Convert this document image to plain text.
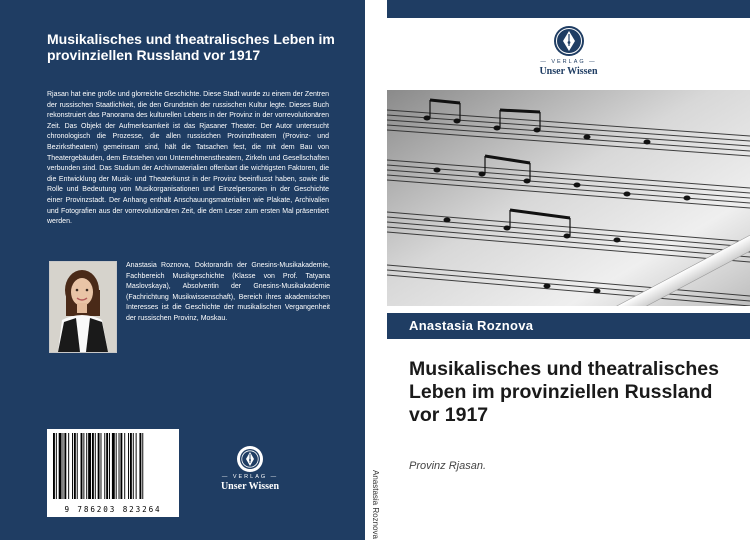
Musikalisches und theatralisches Leben im provinziellen Russland vor 1917
Rjasan hat eine große und glorreiche Geschichte. Diese Stadt wurde zu einem der Zentren der russischen Staatlichkeit, die den Grundstein der russischen Kultur legte. Dieses Buch rekonstruiert das Panorama des kulturellen Lebens in der Provinz in der vorrevolutionären Zeit. Das Objekt der Aufmerksamkeit ist das Rjasaner Theater. Der Autor untersucht chronologisch die Prozesse, die allen russischen Provinztheatern (Provinz- und Bezirkstheatern) gemeinsam sind, hält die Tatsachen fest, die mit dem Bau von Theatergebäuden, dem Entstehen von Unternehmenstheatern, Zirkeln und Gesellschaften verbunden sind. Das Studium der Archivmaterialien offenbart die wichtigsten Faktoren, die die Entwicklung der Musik- und Theaterkunst in der Provinz beeinflusst haben, sowie die Rolle und Bedeutung von Musikorganisationen und Einzelpersonen in der Geschichte einer Provinzstadt. Der Anhang enthält Anschauungsmaterialien wie Plakate, Archivalien und Fotografien aus der vorrevolutionären Zeit, die dem Leser zum ersten Mal präsentiert werden.
Anastasia Roznova, Doktorandin der Gnesins-Musikakademie, Fachbereich Musikgeschichte (Klasse von Prof. Tatyana Maslovskaya), Absolventin der Gnesins-Musikakademie (Fachrichtung Musikwissenschaft), Bereich ihres akademischen Interesses ist die Geschichte der musikalischen Vergangenheit der russischen Provinz, Moskau.
9 786203 823264
— VERLAG —
Unser Wissen	Anastasia Roznova
— VERLAG —
Unser Wissen
Anastasia Roznova
Musikalisches und theatralisches Leben im provinziellen Russland vor 1917
Provinz Rjasan.
